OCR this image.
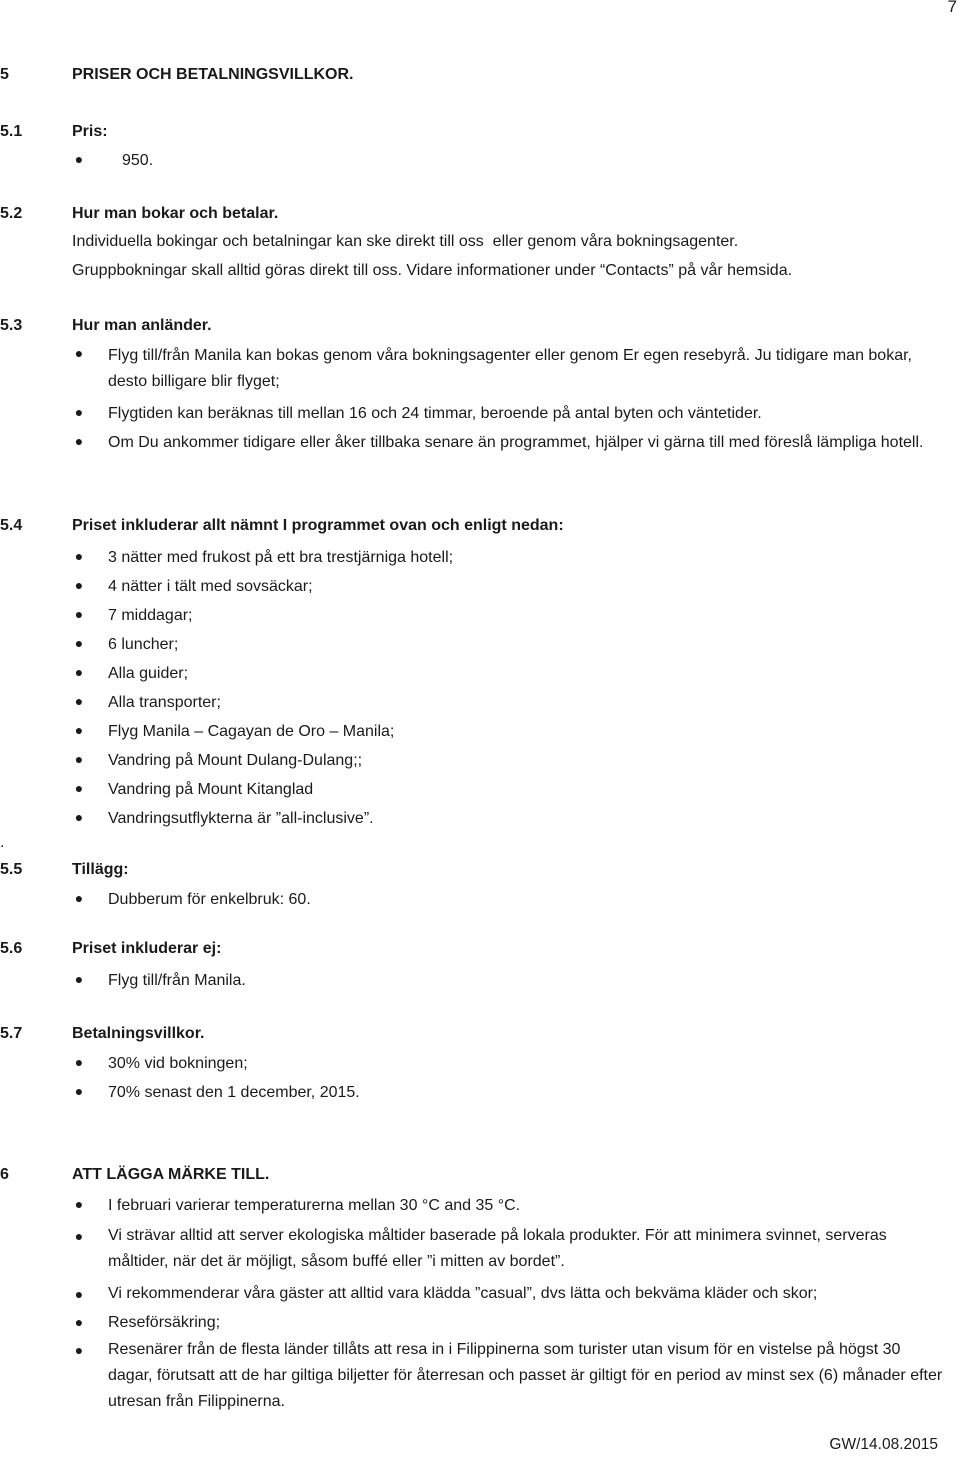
7
5	PRISER OCH BETALNINGSVILLKOR.
5.1	Pris:
● 950.
5.2	Hur man bokar och betalar.
Individuella bokingar och betalningar kan ske direkt till oss  eller genom våra bokningsagenter.
Gruppbokningar skall alltid göras direkt till oss. Vidare informationer under “Contacts” på vår hemsida.
5.3	Hur man anländer.
● Flyg till/från Manila kan bokas genom våra bokningsagenter eller genom Er egen resebyrå. Ju tidigare man bokar, desto billigare blir flyget;
● Flygtiden kan beräknas till mellan 16 och 24 timmar, beroende på antal byten och väntetider.
● Om Du ankommer tidigare eller åker tillbaka senare än programmet, hjälper vi gärna till med föreslå lämpliga hotell.
5.4	Priset inkluderar allt nämnt I programmet ovan och enligt nedan:
● 3 nätter med frukost på ett bra trestjärniga hotell;
● 4 nätter i tält med sovsäckar;
● 7 middagar;
● 6 luncher;
● Alla guider;
● Alla transporter;
● Flyg Manila – Cagayan de Oro – Manila;
● Vandring på Mount Dulang-Dulang;;
● Vandring på Mount Kitanglad
● Vandringsutflykterna är ”all-inclusive”.
.
5.5	Tillägg:
● Dubberum för enkelbruk: 60.
5.6	Priset inkluderar ej:
● Flyg till/från Manila.
5.7	Betalningsvillkor.
● 30% vid bokningen;
● 70% senast den 1 december, 2015.
6	ATT LÄGGA MÄRKE TILL.
● I februari varierar temperaturerna mellan 30 °C and 35 °C.
● Vi strävar alltid att server ekologiska måltider baserade på lokala produkter. För att minimera svinnet, serveras måltider, när det är möjligt, såsom buffé eller ”i mitten av bordet”.
● Vi rekommenderar våra gäster att alltid vara klädda ”casual”, dvs lätta och bekväma kläder och skor;
● Reseförsäkring;
● Resenärer från de flesta länder tillåts att resa in i Filippinerna som turister utan visum för en vistelse på högst 30 dagar, förutsatt att de har giltiga biljetter för återresan och passet är giltigt för en period av minst sex (6) månader efter utresan från Filippinerna.
GW/14.08.2015
